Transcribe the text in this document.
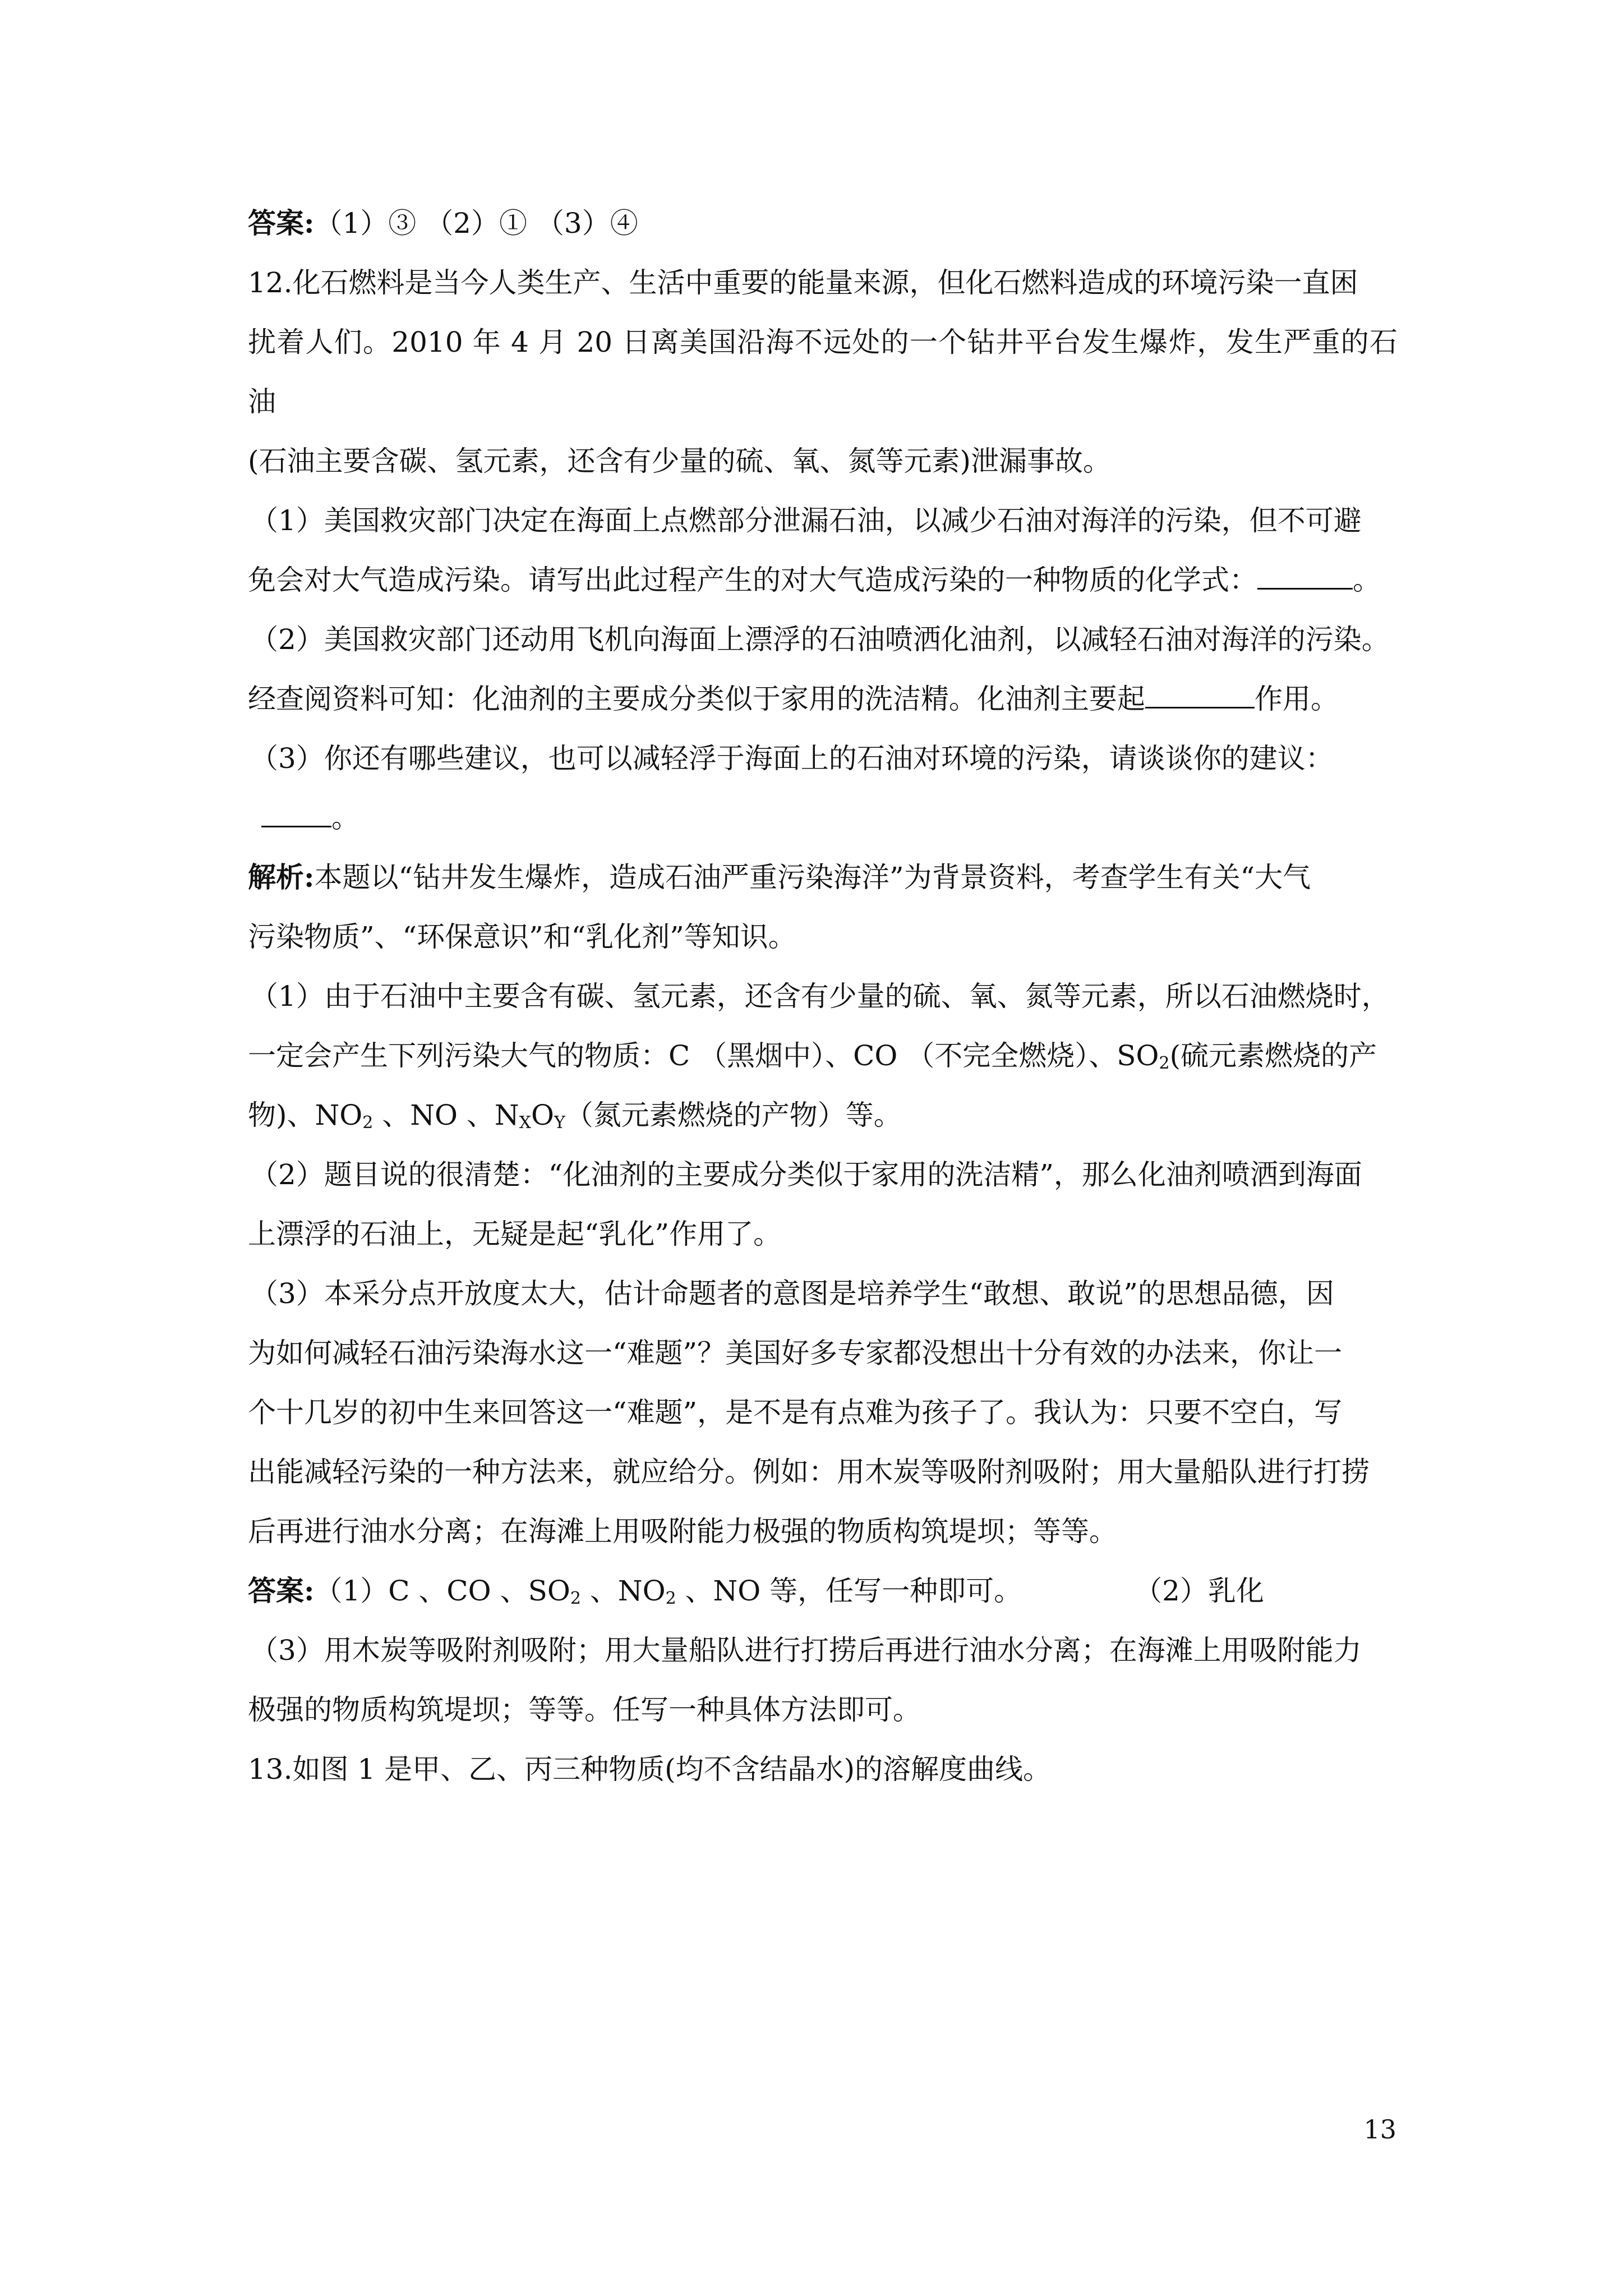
答案:（1）③ （2）① （3）④

12.化石燃料是当今人类生产、生活中重要的能量来源，但化石燃料造成的环境污染一直困

扰着人们。2010 年 4 月 20 日离美国沿海不远处的一个钻井平台发生爆炸，发生严重的石油

(石油主要含碳、氢元素，还含有少量的硫、氧、氮等元素)泄漏事故。

（1）美国救灾部门决定在海面上点燃部分泄漏石油，以减少石油对海洋的污染，但不可避

免会对大气造成污染。请写出此过程产生的对大气造成污染的一种物质的化学式：	。

（2）美国救灾部门还动用飞机向海面上漂浮的石油喷洒化油剂，以减轻石油对海洋的污染。

经查阅资料可知：化油剂的主要成分类似于家用的洗洁精。化油剂主要起	作用。

（3）你还有哪些建议，也可以减轻浮于海面上的石油对环境的污染，请谈谈你的建议：

。

解析:本题以“钻井发生爆炸，造成石油严重污染海洋”为背景资料，考查学生有关“大气

污染物质”、“环保意识”和“乳化剂”等知识。

（1）由于石油中主要含有碳、氢元素，还含有少量的硫、氧、氮等元素，所以石油燃烧时，

一定会产生下列污染大气的物质：C （黑烟中）、CO （不完全燃烧）、$SO_2$(硫元素燃烧的产

物)、$NO_2$ 、NO 、$N_XO_Y$（氮元素燃烧的产物）等。

（2）题目说的很清楚：“化油剂的主要成分类似于家用的洗洁精”，那么化油剂喷洒到海面

上漂浮的石油上，无疑是起“乳化”作用了。

（3）本采分点开放度太大，估计命题者的意图是培养学生“敢想、敢说”的思想品德，因

为如何减轻石油污染海水这一“难题”？美国好多专家都没想出十分有效的办法来，你让一

个十几岁的初中生来回答这一“难题”，是不是有点难为孩子了。我认为：只要不空白，写

出能减轻污染的一种方法来，就应给分。例如：用木炭等吸附剂吸附；用大量船队进行打捞

后再进行油水分离；在海滩上用吸附能力极强的物质构筑堤坝；等等。

答案:（1）C 、CO 、$SO_2$ 、$NO_2$ 、NO 等，任写一种即可。	（2）乳化

（3）用木炭等吸附剂吸附；用大量船队进行打捞后再进行油水分离；在海滩上用吸附能力

极强的物质构筑堤坝；等等。任写一种具体方法即可。

13.如图 1 是甲、乙、丙三种物质(均不含结晶水)的溶解度曲线。

13
